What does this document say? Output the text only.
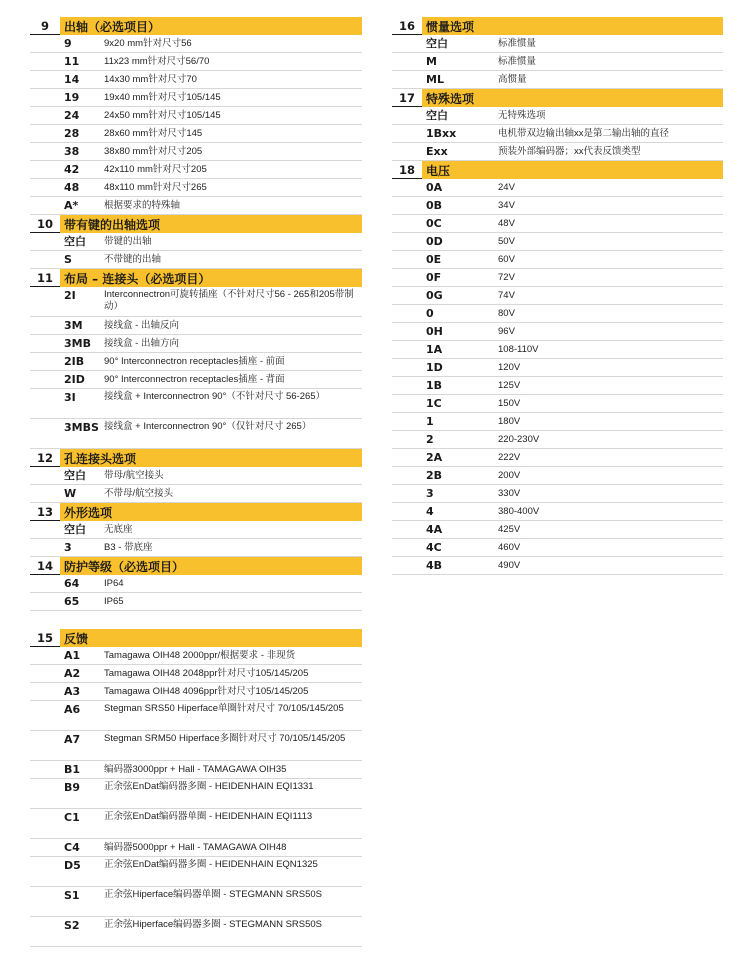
9	出轴（必选项目）
9	9x20 mm针对尺寸56
11	11x23 mm针对尺寸56/70
14	14x30 mm针对尺寸70
19	19x40 mm针对尺寸105/145
24	24x50 mm针对尺寸105/145
28	28x60 mm针对尺寸145
38	38x80 mm针对尺寸205
42	42x110 mm针对尺寸205
48	48x110 mm针对尺寸265
A*	根据要求的特殊轴
10 带有键的出轴选项
空白	带键的出轴
S	不带键的出轴
11 布局 – 连接头（必选项目）
2I	Interconnectron可旋转插座（不针对尺寸56 - 265和205带制动）
3M	接线盒 - 出轴反向
3MB	接线盒 - 出轴方向
2IB	90° Interconnectron receptacles插座 - 前面
2ID	90° Interconnectron receptacles插座 - 背面
3I	接线盒 + Interconnectron 90°（不针对尺寸 56-265）
3MBS 接线盒 + Interconnectron 90°（仅针对尺寸 265）
12 孔连接头选项
空白	带母/航空接头
W	不带母/航空接头
13 外形选项
空白	无底座
3	B3 - 带底座
14 防护等级（必选项目）
64	IP64
65	IP65
15 反馈
A1	Tamagawa OIH48 2000ppr/根据要求 - 非现货
A2	Tamagawa OIH48 2048ppr针对尺寸105/145/205
A3	Tamagawa OIH48 4096ppr针对尺寸105/145/205
A6	Stegman SRS50 Hiperface单圈针对尺寸 70/105/145/205
A7	Stegman SRM50 Hiperface多圈针对尺寸 70/105/145/205
B1	编码器3000ppr + Hall - TAMAGAWA OIH35
B9	正余弦EnDat编码器多圈 - HEIDENHAIN EQI1331
C1	正余弦EnDat编码器单圈 - HEIDENHAIN EQI1113
C4	编码器5000ppr + Hall - TAMAGAWA OIH48
D5	正余弦EnDat编码器多圈 - HEIDENHAIN EQN1325
S1	正余弦Hiperface编码器单圈 - STEGMANN SRS50S
S2	正余弦Hiperface编码器多圈 - STEGMANN SRS50S
16 惯量选项
空白	标准惯量
M	标准惯量
ML	高惯量
17 特殊选项
空白	无特殊选项
1Bxx	电机带双边输出轴xx是第二输出轴的直径
Exx	预装外部编码器；xx代表反馈类型
18 电压
0A	24V
0B	34V
0C	48V
0D	50V
0E	60V
0F	72V
0G	74V
0	80V
0H	96V
1A	108-110V
1D	120V
1B	125V
1C	150V
1	180V
2	220-230V
2A	222V
2B	200V
3	330V
4	380-400V
4A	425V
4C	460V
4B	490V
